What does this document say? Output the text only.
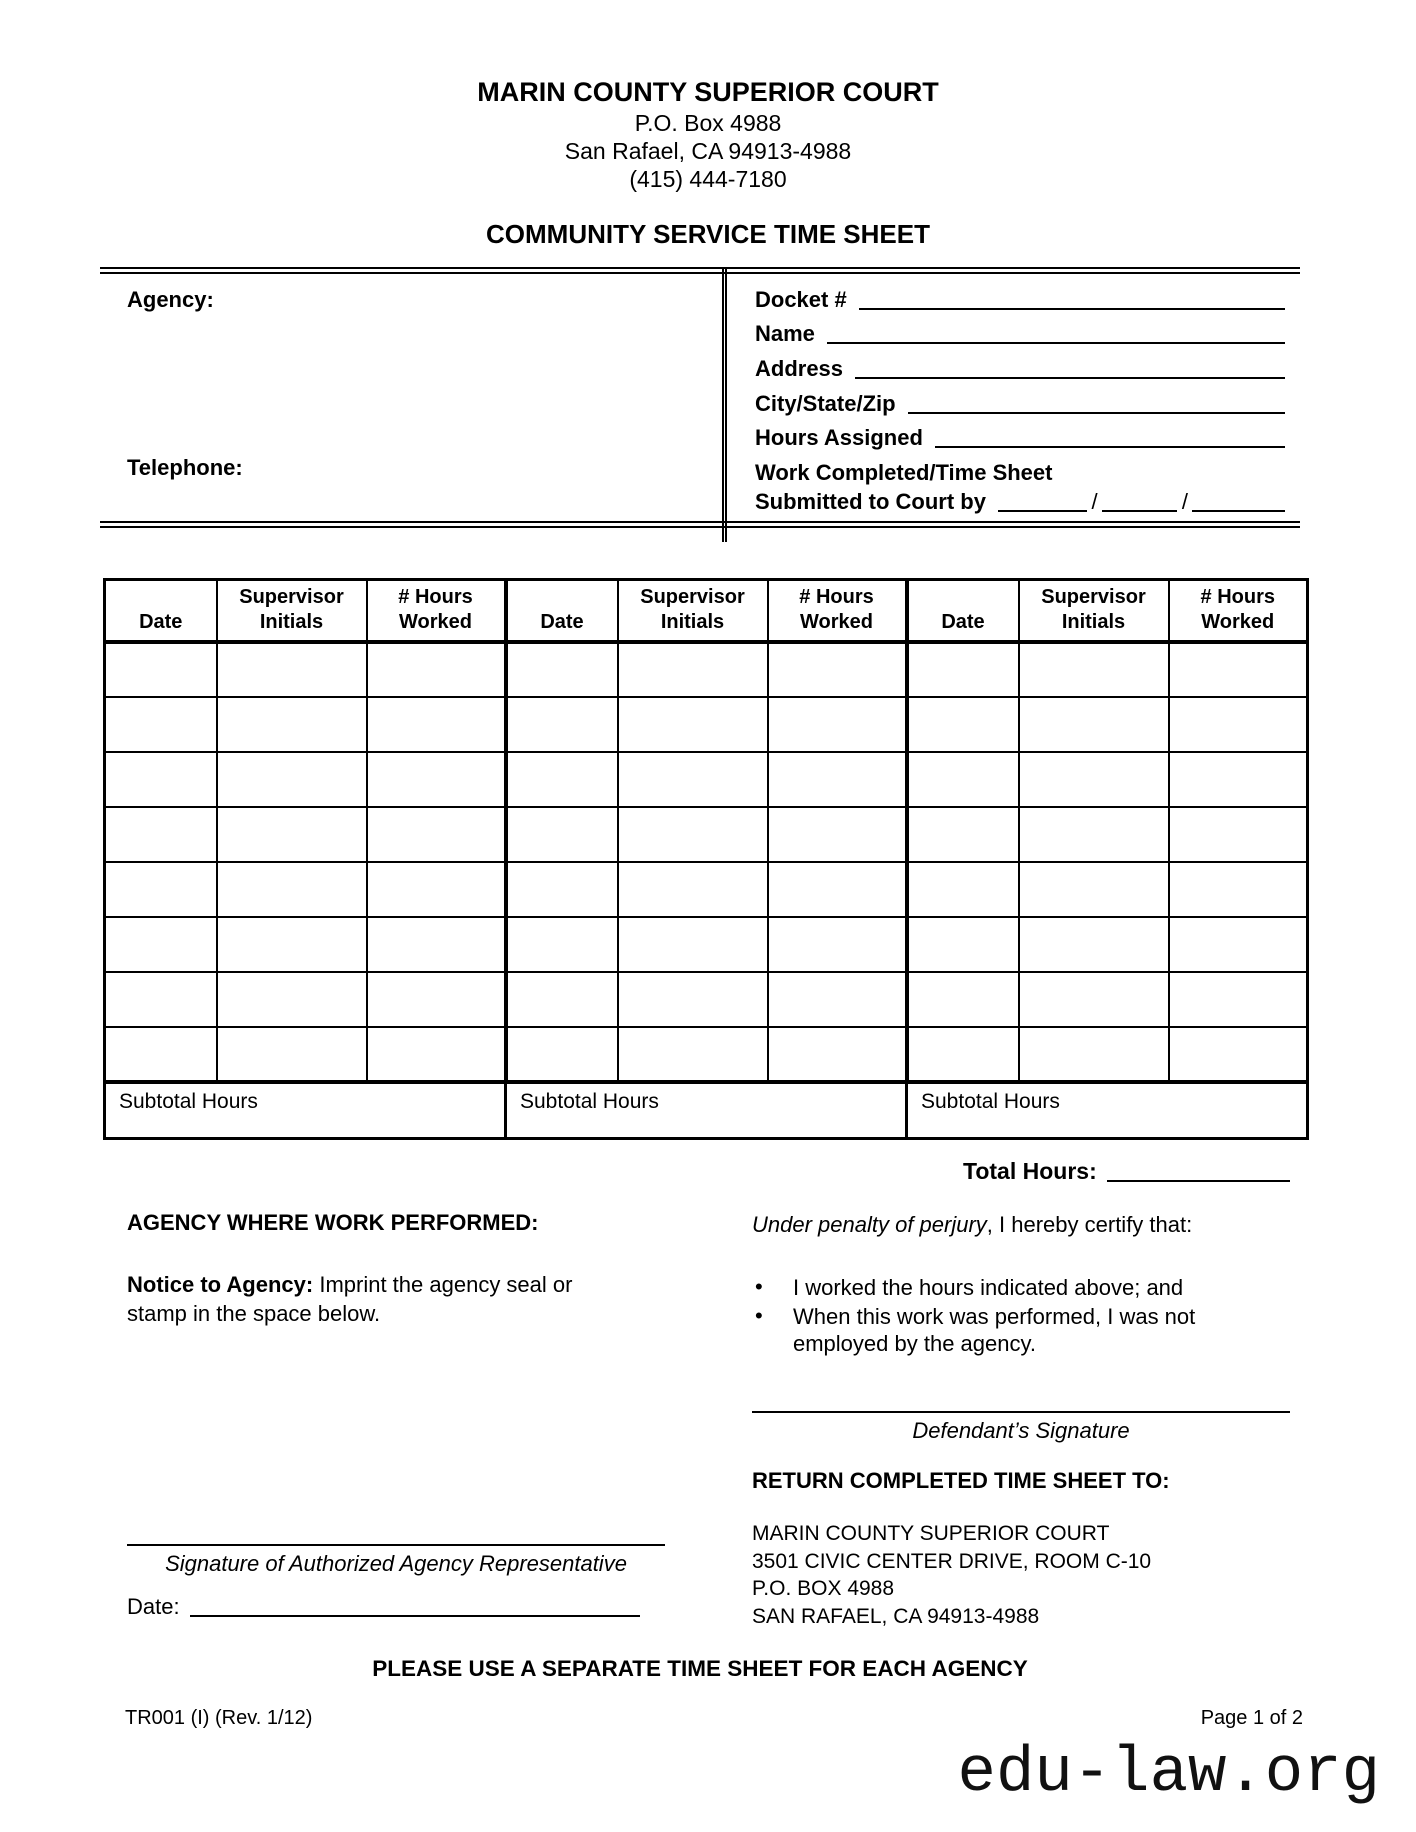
MARIN COUNTY SUPERIOR COURT
P.O. Box 4988
San Rafael, CA 94913-4988
(415) 444-7180
COMMUNITY SERVICE TIME SHEET
Agency:
Telephone:
Docket #
Name
Address
City/State/Zip
Hours Assigned
Work Completed/Time Sheet
Submitted to Court by	/	/
Date	Supervisor Initials	# Hours Worked	Date	Supervisor Initials	# Hours Worked	Date	Supervisor Initials	# Hours Worked

Subtotal Hours			Subtotal Hours			Subtotal Hours		
Total Hours:
AGENCY WHERE WORK PERFORMED:
Notice to Agency: Imprint the agency seal or stamp in the space below.
Signature of Authorized Agency Representative
Date:
Under penalty of perjury, I hereby certify that:
• I worked the hours indicated above; and
• When this work was performed, I was not employed by the agency.
Defendant’s Signature
RETURN COMPLETED TIME SHEET TO:
MARIN COUNTY SUPERIOR COURT
3501 CIVIC CENTER DRIVE, ROOM C-10
P.O. BOX 4988
SAN RAFAEL, CA 94913-4988
PLEASE USE A SEPARATE TIME SHEET FOR EACH AGENCY
TR001 (I) (Rev. 1/12)	Page 1 of 2
edu-law.org
